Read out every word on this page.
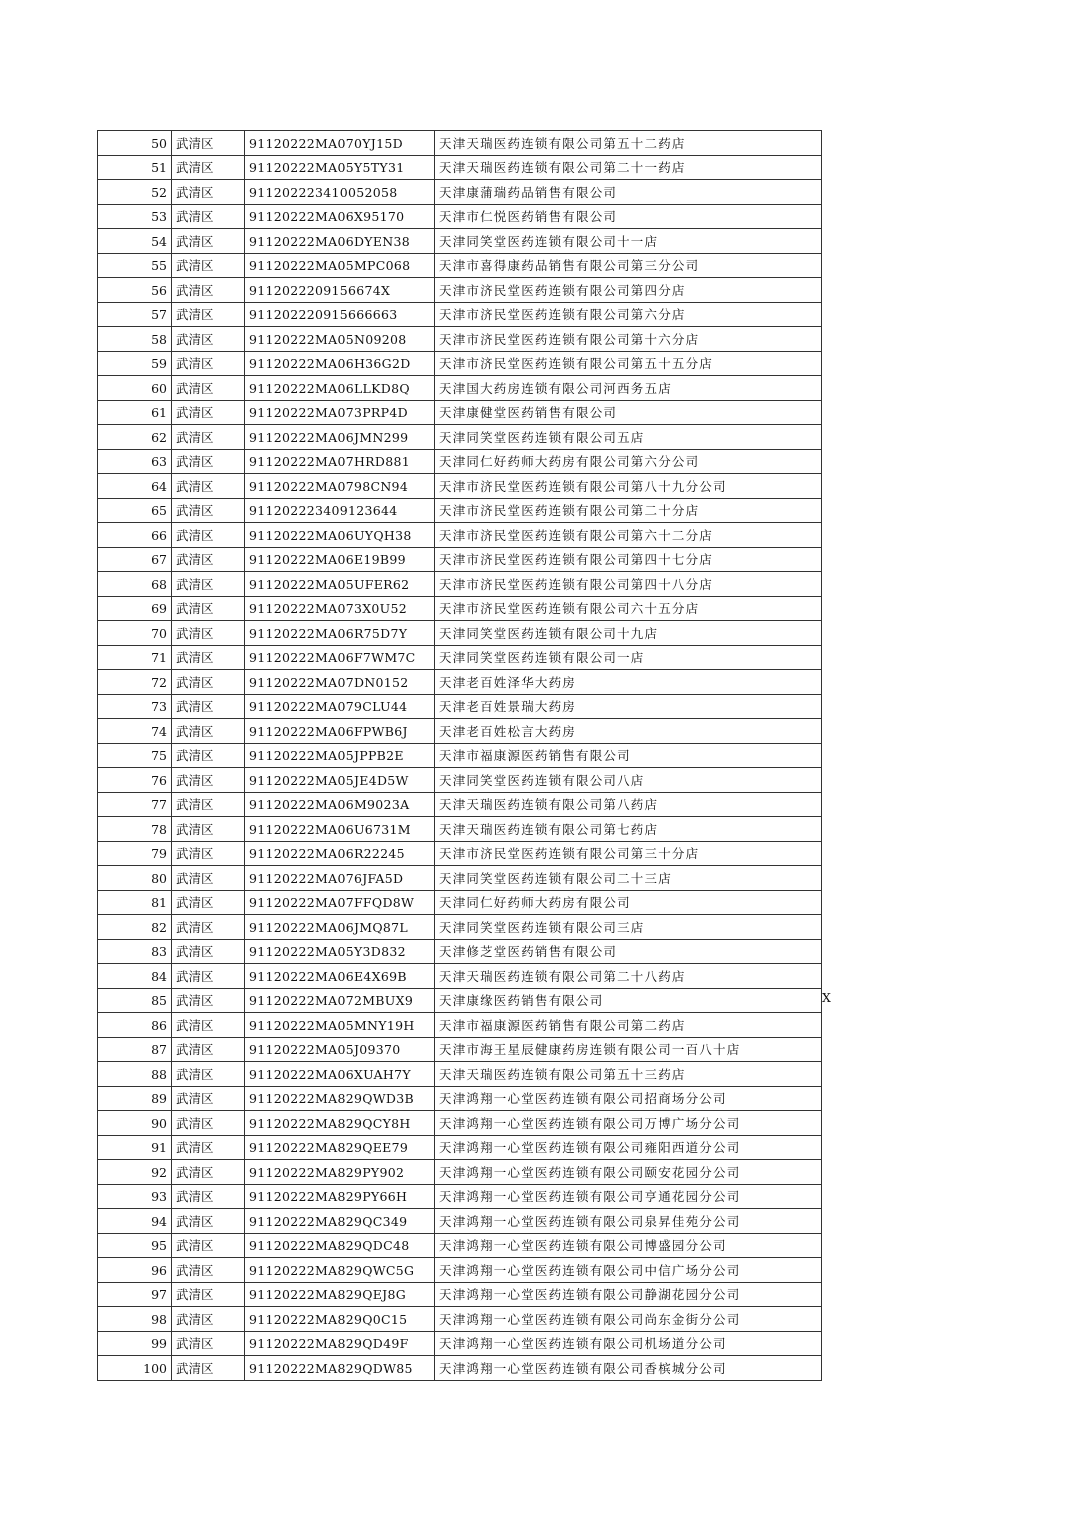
50	武清区	91120222MA070YJ15D	天津天瑞医药连锁有限公司第五十二药店
51	武清区	91120222MA05Y5TY31	天津天瑞医药连锁有限公司第二十一药店
52	武清区	911202223410052058	天津康蒲瑞药品销售有限公司
53	武清区	91120222MA06X95170	天津市仁悦医药销售有限公司
54	武清区	91120222MA06DYEN38	天津同笑堂医药连锁有限公司十一店
55	武清区	91120222MA05MPC068	天津市喜得康药品销售有限公司第三分公司
56	武清区	9112022209156674X	天津市济民堂医药连锁有限公司第四分店
57	武清区	911202220915666663	天津市济民堂医药连锁有限公司第六分店
58	武清区	91120222MA05N09208	天津市济民堂医药连锁有限公司第十六分店
59	武清区	91120222MA06H36G2D	天津市济民堂医药连锁有限公司第五十五分店
60	武清区	91120222MA06LLKD8Q	天津国大药房连锁有限公司河西务五店
61	武清区	91120222MA073PRP4D	天津康健堂医药销售有限公司
62	武清区	91120222MA06JMN299	天津同笑堂医药连锁有限公司五店
63	武清区	91120222MA07HRD881	天津同仁好药师大药房有限公司第六分公司
64	武清区	91120222MA0798CN94	天津市济民堂医药连锁有限公司第八十九分公司
65	武清区	911202223409123644	天津市济民堂医药连锁有限公司第二十分店
66	武清区	91120222MA06UYQH38	天津市济民堂医药连锁有限公司第六十二分店
67	武清区	91120222MA06E19B99	天津市济民堂医药连锁有限公司第四十七分店
68	武清区	91120222MA05UFER62	天津市济民堂医药连锁有限公司第四十八分店
69	武清区	91120222MA073X0U52	天津市济民堂医药连锁有限公司六十五分店
70	武清区	91120222MA06R75D7Y	天津同笑堂医药连锁有限公司十九店
71	武清区	91120222MA06F7WM7C	天津同笑堂医药连锁有限公司一店
72	武清区	91120222MA07DN0152	天津老百姓泽华大药房
73	武清区	91120222MA079CLU44	天津老百姓景瑞大药房
74	武清区	91120222MA06FPWB6J	天津老百姓松言大药房
75	武清区	91120222MA05JPPB2E	天津市福康源医药销售有限公司
76	武清区	91120222MA05JE4D5W	天津同笑堂医药连锁有限公司八店
77	武清区	91120222MA06M9023A	天津天瑞医药连锁有限公司第八药店
78	武清区	91120222MA06U6731M	天津天瑞医药连锁有限公司第七药店
79	武清区	91120222MA06R22245	天津市济民堂医药连锁有限公司第三十分店
80	武清区	91120222MA076JFA5D	天津同笑堂医药连锁有限公司二十三店
81	武清区	91120222MA07FFQD8W	天津同仁好药师大药房有限公司
82	武清区	91120222MA06JMQ87L	天津同笑堂医药连锁有限公司三店
83	武清区	91120222MA05Y3D832	天津修芝堂医药销售有限公司
84	武清区	91120222MA06E4X69B	天津天瑞医药连锁有限公司第二十八药店
85	武清区	91120222MA072MBUX9	天津康缘医药销售有限公司
86	武清区	91120222MA05MNY19H	天津市福康源医药销售有限公司第二药店
87	武清区	91120222MA05J09370	天津市海王星辰健康药房连锁有限公司一百八十店
88	武清区	91120222MA06XUAH7Y	天津天瑞医药连锁有限公司第五十三药店
89	武清区	91120222MA829QWD3B	天津鸿翔一心堂医药连锁有限公司招商场分公司
90	武清区	91120222MA829QCY8H	天津鸿翔一心堂医药连锁有限公司万博广场分公司
91	武清区	91120222MA829QEE79	天津鸿翔一心堂医药连锁有限公司雍阳西道分公司
92	武清区	91120222MA829PY902	天津鸿翔一心堂医药连锁有限公司颐安花园分公司
93	武清区	91120222MA829PY66H	天津鸿翔一心堂医药连锁有限公司亨通花园分公司
94	武清区	91120222MA829QC349	天津鸿翔一心堂医药连锁有限公司泉昇佳苑分公司
95	武清区	91120222MA829QDC48	天津鸿翔一心堂医药连锁有限公司博盛园分公司
96	武清区	91120222MA829QWC5G	天津鸿翔一心堂医药连锁有限公司中信广场分公司
97	武清区	91120222MA829QEJ8G	天津鸿翔一心堂医药连锁有限公司静湖花园分公司
98	武清区	91120222MA829Q0C15	天津鸿翔一心堂医药连锁有限公司尚东金街分公司
99	武清区	91120222MA829QD49F	天津鸿翔一心堂医药连锁有限公司机场道分公司
100	武清区	91120222MA829QDW85	天津鸿翔一心堂医药连锁有限公司香槟城分公司
X
